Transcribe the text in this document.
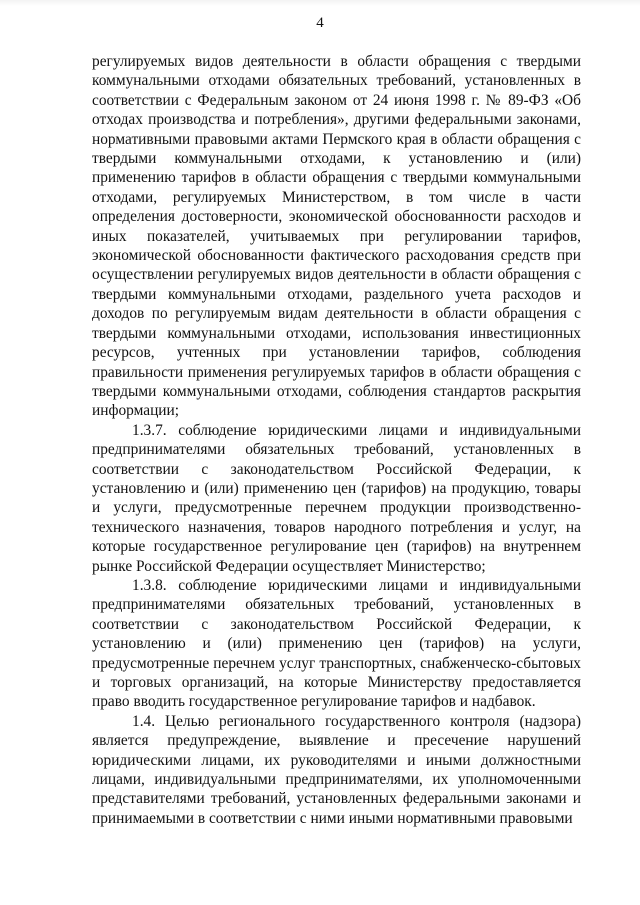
4

регулируемых видов деятельности в области обращения с твердыми коммунальными отходами обязательных требований, установленных в соответствии с Федеральным законом от 24 июня 1998 г. № 89-ФЗ «Об отходах производства и потребления», другими федеральными законами, нормативными правовыми актами Пермского края в области обращения с твердыми коммунальными отходами, к установлению и (или) применению тарифов в области обращения с твердыми коммунальными отходами, регулируемых Министерством, в том числе в части определения достоверности, экономической обоснованности расходов и иных показателей, учитываемых при регулировании тарифов, экономической обоснованности фактического расходования средств при осуществлении регулируемых видов деятельности в области обращения с твердыми коммунальными отходами, раздельного учета расходов и доходов по регулируемым видам деятельности в области обращения с твердыми коммунальными отходами, использования инвестиционных ресурсов, учтенных при установлении тарифов, соблюдения правильности применения регулируемых тарифов в области обращения с твердыми коммунальными отходами, соблюдения стандартов раскрытия информации;

1.3.7. соблюдение юридическими лицами и индивидуальными предпринимателями обязательных требований, установленных в соответствии с законодательством Российской Федерации, к установлению и (или) применению цен (тарифов) на продукцию, товары и услуги, предусмотренные перечнем продукции производственно-технического назначения, товаров народного потребления и услуг, на которые государственное регулирование цен (тарифов) на внутреннем рынке Российской Федерации осуществляет Министерство;

1.3.8. соблюдение юридическими лицами и индивидуальными предпринимателями обязательных требований, установленных в соответствии с законодательством Российской Федерации, к установлению и (или) применению цен (тарифов) на услуги, предусмотренные перечнем услуг транспортных, снабженческо-сбытовых и торговых организаций, на которые Министерству предоставляется право вводить государственное регулирование тарифов и надбавок.

1.4. Целью регионального государственного контроля (надзора) является предупреждение, выявление и пресечение нарушений юридическими лицами, их руководителями и иными должностными лицами, индивидуальными предпринимателями, их уполномоченными представителями требований, установленных федеральными законами и принимаемыми в соответствии с ними иными нормативными правовыми
